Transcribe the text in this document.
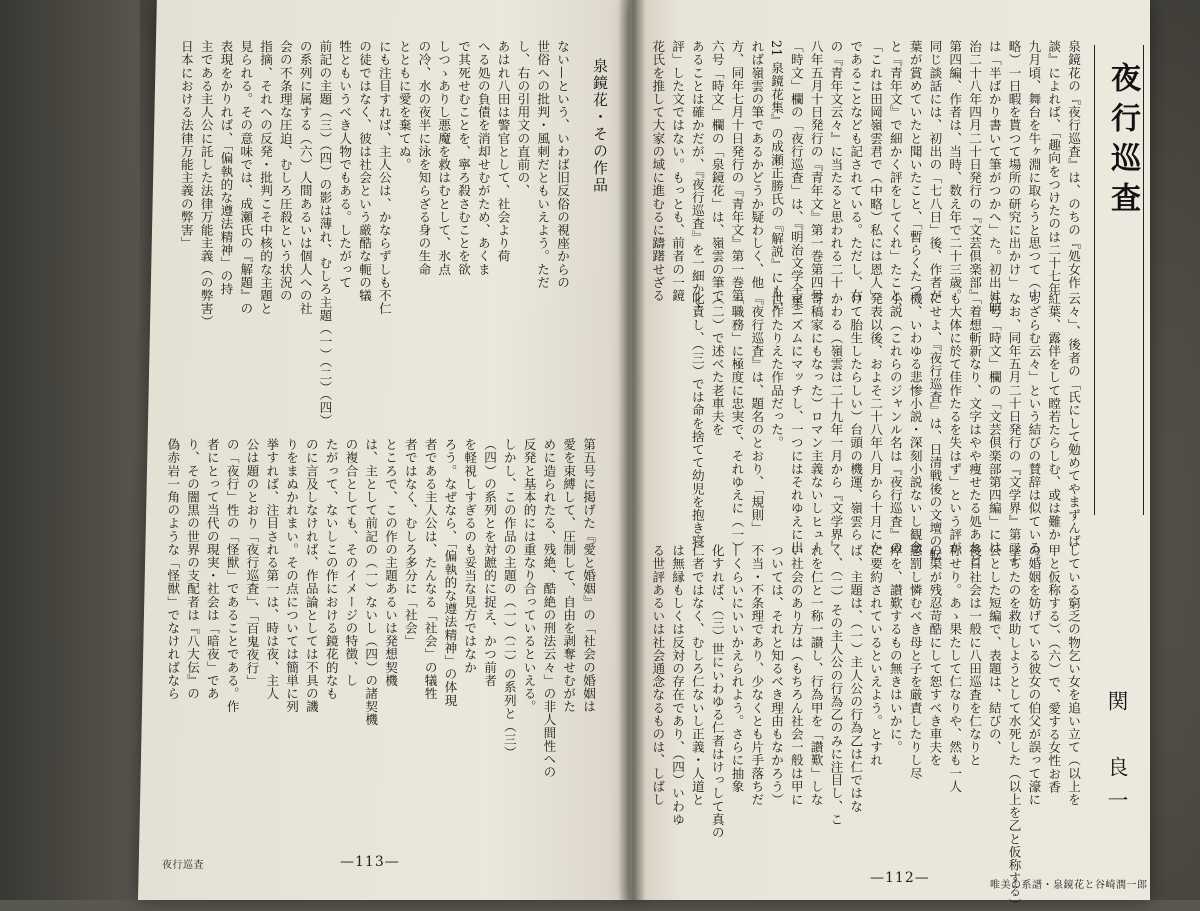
泉鏡花・その作品
ない—という、いわば旧反俗の視座からの
世俗への批判・風刺だともいえよう。ただ
し、右の引用文の直前の、
あはれ八田は警官として、社会より荷
へる処の負債を消却せむがため、あくま
で其死せむことを、寧ろ殺さむことを欲
しつゝありし悪魔を救はむとして、氷点
の冷、水の夜半に泳を知らざる身の生命
とともに愛を棄てぬ。
にも注目すれば、主人公は、かならずしも不仁
の徒ではなく、彼は社会という厳酷な軛の犠
牲ともいうべき人物でもある。したがって
前記の主題（三）（四）の影は薄れ、むしろ主題（一）（二）（四）
の系列に属する（六）人間あるいは個人への社
会の不条理な圧迫、むしろ圧殺という状況の
指摘、それへの反発・批判こそ中核的な主題と
見られる。その意味では、成瀬氏の『解題』の
表現をかりれば、「偏執的な遵法精神」の持
主である主人公に託した法律万能主義（の弊害）
日本における法律万能主義の弊害」
第五号に掲げた『愛と婚姻』の「社会の婚姻は
愛を束縛して、圧制して、自由を剥奪せむがた
めに造られたる、残絶、酷絶の刑法云々」の非人間性への
反発と基本的には重なり合っているといえる。
しかし、この作品の主題の（一）（二）の系列と（三）
（四）の系列とを対蹠的に捉え、かつ前者
を軽視しすぎるのも妥当な見方ではなか
ろう。なぜなら、「偏執的な遵法精神」の体現
者である主人公は、たんなる「社会」の犠牲
者ではなく、むしろ多分に「社会」
ところで、この作の主題あるいは発想契機
は、主として前記の（一）ないし（四）の諸契機
の複合としても、そのイメージの特徴、し
たがって、ないしこの作における鏡花的なも
のに言及しなければ、作品論としては不具の譏
りをまぬかれまい。その点については簡単に列
挙すれば、注目される第一は、時は夜、主人
公は題のとおり「夜行巡査」、「百鬼夜行」
の「夜行」性の「怪獣」であることである。作
者にとって当代の現実・社会は「暗夜」であ
り、その闇黒の世界の支配者は『八大伝』の
偽赤岩一角のような「怪獣」でなければなら
夜行巡査	—113—
夜行巡査
関　良一
泉鏡花の『夜行巡査』は、のちの『処女作
談』によれば、「趣向をつけたのは二十七年
九月頃、舞台を牛ヶ淵に取らうと思つて（中
略）一日暇を貰つて場所の研究に出かけ」
は「半ばかり書いて筆がつかへ」た。初出は明
治二十八年四月二十日発行の『文芸倶楽部』
第四編、作者は、当時、数え年で二十三歳。
同じ談話には、初出の「七八日」後、作者が
葉が賞めていたと聞いたこと、「暫らくたつ
と『青年文』で細かく評をしてくれ」たこと、
「これは田岡嶺雲君で（中略）私には恩人」
であることなども記されている。ただし、右
の『青年文云々』に当たると思われる二十
八年五月十日発行の『青年文』第一巻第四号
「時文」欄の「夜行巡査」は、『明治文学全集
21 泉鏡花集』の成瀬正勝氏の『解説』にもい
れば嶺雲の筆であるかどうか疑わしく、他
方、同年七月十日発行の『青年文』第一巻第
六号「時文」欄の「泉鏡花」は、嶺雲の筆で
あることは確かだが、『夜行巡査』を一細かく
評」した文ではない。もっとも、前者の一鏡
花氏を推して大家の域に進むるに躊躇せざる
云々」、後者の「氏にして勉めてやまずんば
紅葉、露伴をして瞠若たらしむ、或は難か
らざらむ云々」という結びの賛辞は似ている。
なお、同年五月二十日発行の『文学界』第二十
九号「時文」欄の「文芸倶楽部第四編」には
「着想斬新なり、文字はやや痩せたる処あれど
も大体に於て佳作たるを失はず」という評が
にせよ、『夜行巡査』は、日清戦後の文壇の転
機、いわゆる悲惨小説・深刻小説ないし観念
小説（これらのジャンル名は『夜行巡査』の
発表以後、およそ二十八年八月から十月にか
けて胎生したらしい）台頭の機運、嶺雲ら
かわる（嶺雲は二十九年一月から『文学界』
寄稿家にもなった）ロマン主義ないしヒュー
マニズムにマッチし、一つにはそれゆえに出
世作たりえた作品だった。
『夜行巡査』は、題名のとおり、「規則」
「職務」に極度に忠実で、それゆえに（一）
（二）で述べた老車夫を
叱責し、（三）では命を捨てて幼児を抱き寝
している窮乏の物乞い女を追い立て（以上を
甲と仮称する）、（六）で、愛する女性お香
の婚姻を妨げている彼女の伯父が誤って濠に
墜ちたのを救助しようとして水死した（以上を乙と仮称する）
公とした短編で、表題は、結びの、
後日社会は一般に八田巡査を仁なりと
称せり。あゝ果たして仁なりや、然も一人
の渠が残忍苛酷にして恕すべき車夫を
懲罰し憐むべき母と子を厳責したりし尽
瘁を、讃歎するもの無きはいかに。
に要約されているといえよう。とすれ
ば、主題は、（一）主人公の行為乙は仁ではな
く、（二）その主人公の行為乙のみに注目し、こ
れを仁と一称一讃し、行為甲を「讃歎」しな
い社会のあり方は（もちろん社会一般は甲に
ついては、それと知るべき理由もなかろう）
不当・不条理であり、少なくとも片手落ちだ
—くらいにいいかえられよう。さらに抽象
化すれば、（三）世にいわゆる仁者はけっして真の
仁者ではなく、むしろ仁ないし正義・人道と
は無縁もしくは反対の存在であり、（四）いわゆ
る世評あるいは社会通念なるものは、しばし
—112—	唯美の系譜・泉鏡花と谷崎潤一郎
